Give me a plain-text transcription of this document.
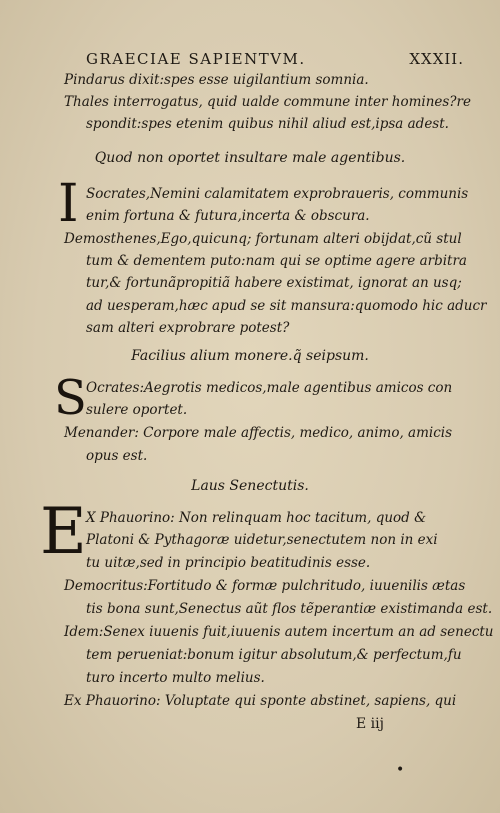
GRAECIAE SAPIENTVM.	XXXII.
Pindarus dixit:spes esse uigilantium somnia.
Thales interrogatus, quid ualde commune inter homines?re
spondit:spes etenim quibus nihil aliud est,ipsa adest.
Quod non oportet insultare male agentibus.
I Socrates,Nemini calamitatem exprobraueris, communis
enim fortuna & futura,incerta & obscura.
Demosthenes,Ego,quicunq; fortunam alteri obijdat,cũ stul
tum & dementem puto:nam qui se optime agere arbitra
tur,& fortunãpropitiã habere existimat, ignorat an usq;
ad uesperam,hæc apud se sit mansura:quomodo hic aducr
sam alteri exprobrare potest?
Facilius alium monere.q̃ seipsum.
S Ocrates:Aegrotis medicos,male agentibus amicos con
sulere oportet.
Menander: Corpore male affectis, medico, animo, amicis
opus est.
Laus Senectutis.
E X Phauorino: Non relinquam hoc tacitum, quod &
Platoni & Pythagoræ uidetur,senectutem non in exi
tu uitæ,sed in principio beatitudinis esse.
Democritus:Fortitudo & formæ pulchritudo, iuuenilis ætas
tis bona sunt,Senectus aũt flos tẽperantiæ existimanda est.
Idem:Senex iuuenis fuit,iuuenis autem incertum an ad senectu
tem perueniat:bonum igitur absolutum,& perfectum,fu
turo incerto multo melius.
Ex Phauorino: Voluptate qui sponte abstinet, sapiens, qui
E iij
•
